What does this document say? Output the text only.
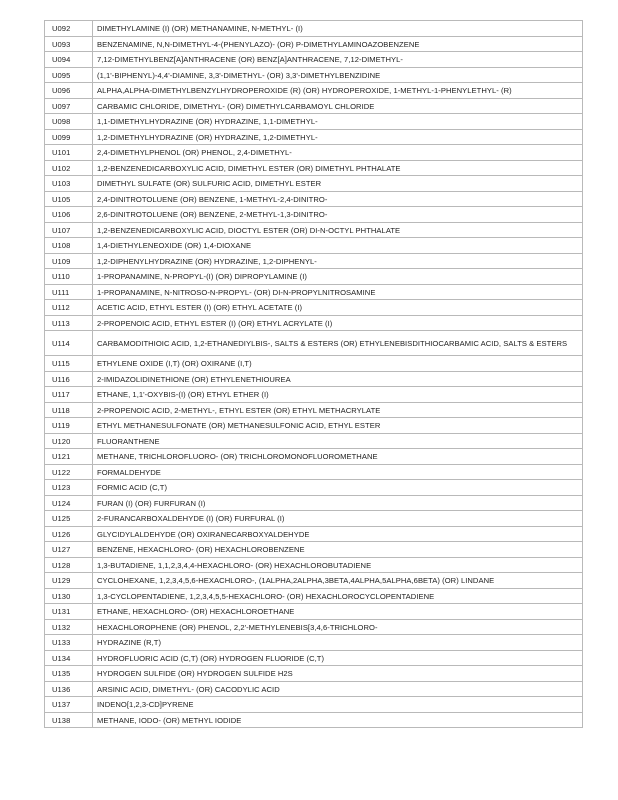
U092	DIMETHYLAMINE (I) (OR) METHANAMINE, N-METHYL- (I)
U093	BENZENAMINE, N,N-DIMETHYL-4-(PHENYLAZO)- (OR) P-DIMETHYLAMINOAZOBENZENE
U094	7,12-DIMETHYLBENZ[A]ANTHRACENE (OR) BENZ[A]ANTHRACENE, 7,12-DIMETHYL-
U095	(1,1'-BIPHENYL)-4,4'-DIAMINE, 3,3'-DIMETHYL- (OR) 3,3'-DIMETHYLBENZIDINE
U096	ALPHA,ALPHA-DIMETHYLBENZYLHYDROPEROXIDE (R) (OR) HYDROPEROXIDE, 1-METHYL-1-PHENYLETHYL- (R)
U097	CARBAMIC CHLORIDE, DIMETHYL- (OR) DIMETHYLCARBAMOYL CHLORIDE
U098	1,1-DIMETHYLHYDRAZINE (OR) HYDRAZINE, 1,1-DIMETHYL-
U099	1,2-DIMETHYLHYDRAZINE (OR) HYDRAZINE, 1,2-DIMETHYL-
U101	2,4-DIMETHYLPHENOL (OR) PHENOL, 2,4-DIMETHYL-
U102	1,2-BENZENEDICARBOXYLIC ACID, DIMETHYL ESTER (OR) DIMETHYL PHTHALATE
U103	DIMETHYL SULFATE (OR) SULFURIC ACID, DIMETHYL ESTER
U105	2,4-DINITROTOLUENE (OR) BENZENE, 1-METHYL-2,4-DINITRO-
U106	2,6-DINITROTOLUENE (OR) BENZENE, 2-METHYL-1,3-DINITRO-
U107	1,2-BENZENEDICARBOXYLIC ACID, DIOCTYL ESTER (OR) DI-N-OCTYL PHTHALATE
U108	1,4-DIETHYLENEOXIDE (OR) 1,4-DIOXANE
U109	1,2-DIPHENYLHYDRAZINE (OR) HYDRAZINE, 1,2-DIPHENYL-
U110	1-PROPANAMINE, N-PROPYL-(I) (OR) DIPROPYLAMINE (I)
U111	1-PROPANAMINE, N-NITROSO-N-PROPYL- (OR) DI-N-PROPYLNITROSAMINE
U112	ACETIC ACID, ETHYL ESTER (I) (OR) ETHYL ACETATE (I)
U113	2-PROPENOIC ACID, ETHYL ESTER (I) (OR) ETHYL ACRYLATE (I)
U114	CARBAMODITHIOIC ACID, 1,2-ETHANEDIYLBIS-, SALTS & ESTERS (OR) ETHYLENEBISDITHIOCARBAMIC ACID, SALTS & ESTERS
U115	ETHYLENE OXIDE (I,T) (OR) OXIRANE (I,T)
U116	2-IMIDAZOLIDINETHIONE (OR) ETHYLENETHIOUREA
U117	ETHANE, 1,1'-OXYBIS-(I) (OR) ETHYL ETHER (I)
U118	2-PROPENOIC ACID, 2-METHYL-, ETHYL ESTER (OR) ETHYL METHACRYLATE
U119	ETHYL METHANESULFONATE (OR) METHANESULFONIC ACID, ETHYL ESTER
U120	FLUORANTHENE
U121	METHANE, TRICHLOROFLUORO- (OR) TRICHLOROMONOFLUOROMETHANE
U122	FORMALDEHYDE
U123	FORMIC ACID (C,T)
U124	FURAN (I) (OR) FURFURAN (I)
U125	2-FURANCARBOXALDEHYDE (I) (OR) FURFURAL (I)
U126	GLYCIDYLALDEHYDE (OR) OXIRANECARBOXYALDEHYDE
U127	BENZENE, HEXACHLORO- (OR) HEXACHLOROBENZENE
U128	1,3-BUTADIENE, 1,1,2,3,4,4-HEXACHLORO- (OR) HEXACHLOROBUTADIENE
U129	CYCLOHEXANE, 1,2,3,4,5,6-HEXACHLORO-, (1ALPHA,2ALPHA,3BETA,4ALPHA,5ALPHA,6BETA) (OR) LINDANE
U130	1,3-CYCLOPENTADIENE, 1,2,3,4,5,5-HEXACHLORO- (OR) HEXACHLOROCYCLOPENTADIENE
U131	ETHANE, HEXACHLORO- (OR) HEXACHLOROETHANE
U132	HEXACHLOROPHENE (OR) PHENOL, 2,2'-METHYLENEBIS[3,4,6-TRICHLORO-
U133	HYDRAZINE (R,T)
U134	HYDROFLUORIC ACID (C,T) (OR) HYDROGEN FLUORIDE (C,T)
U135	HYDROGEN SULFIDE (OR) HYDROGEN SULFIDE H2S
U136	ARSINIC ACID, DIMETHYL- (OR) CACODYLIC ACID
U137	INDENO[1,2,3-CD]PYRENE
U138	METHANE, IODO- (OR) METHYL IODIDE
